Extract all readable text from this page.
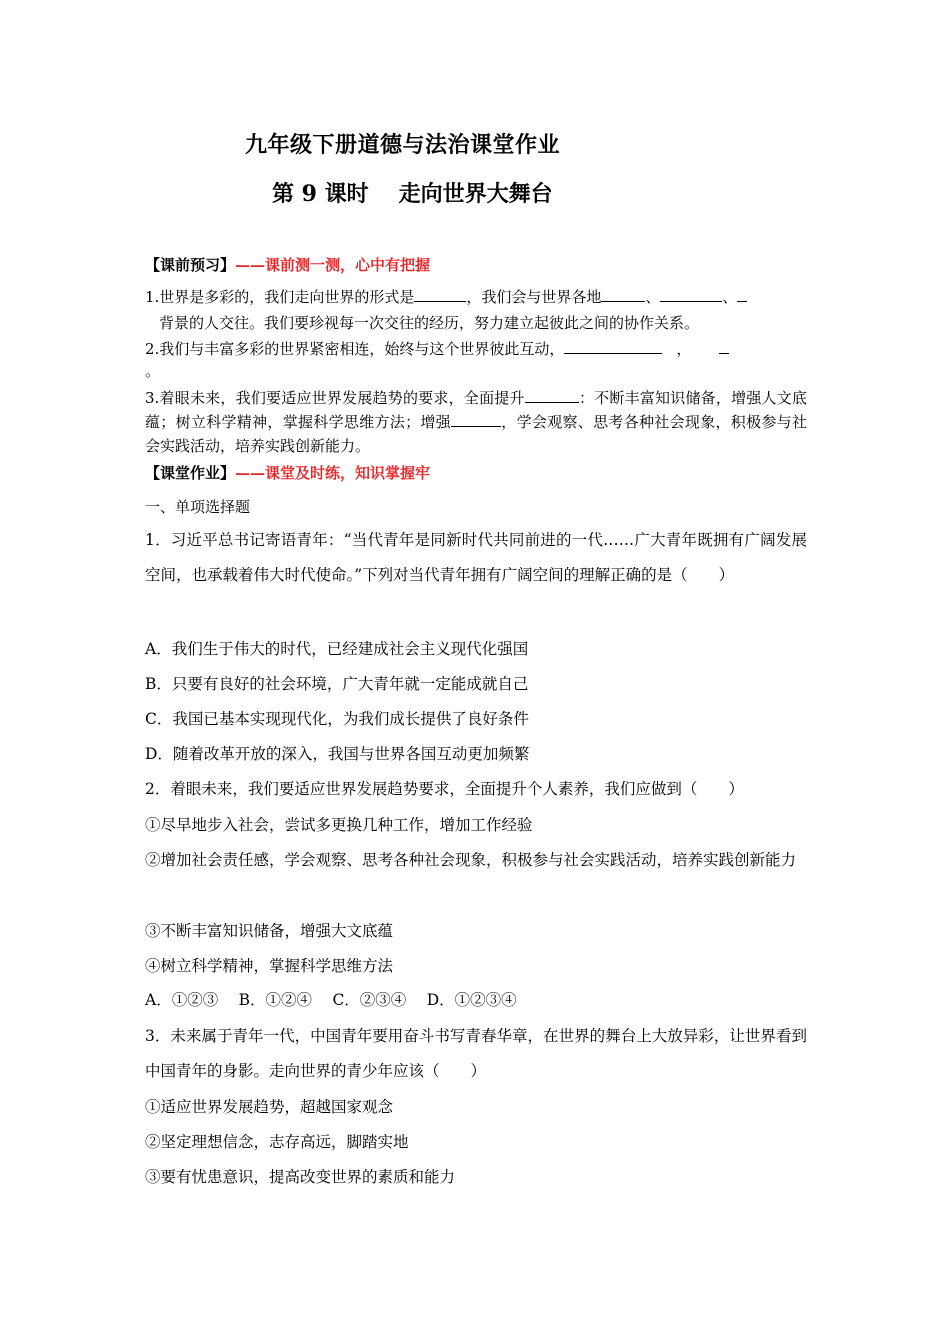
九年级下册道德与法治课堂作业
第 9 课时 走向世界大舞台
【课前预习】——课前测一测，心中有把握
1.世界是多彩的，我们走向世界的形式是	，我们会与世界各地	、	、
背景的人交往。我们要珍视每一次交往的经历，努力建立起彼此之间的协作关系。
2.我们与丰富多彩的世界紧密相连，始终与这个世界彼此互动，	，
。
3.着眼未来，我们要适应世界发展趋势的要求，全面提升	：不断丰富知识储备，增强人文底蕴；树立科学精神，掌握科学思维方法；增强	，学会观察、思考各种社会现象，积极参与社会实践活动，培养实践创新能力。
【课堂作业】——课堂及时练，知识掌握牢
一、单项选择题
1．习近平总书记寄语青年：“当代青年是同新时代共同前进的一代……广大青年既拥有广阔发展空间，也承载着伟大时代使命。”下列对当代青年拥有广阔空间的理解正确的是（　　）
A．我们生于伟大的时代，已经建成社会主义现代化强国
B．只要有良好的社会环境，广大青年就一定能成就自己
C．我国已基本实现现代化，为我们成长提供了良好条件
D．随着改革开放的深入，我国与世界各国互动更加频繁
2．着眼未来，我们要适应世界发展趋势要求，全面提升个人素养，我们应做到（　　）
①尽早地步入社会，尝试多更换几种工作，增加工作经验
②增加社会责任感，学会观察、思考各种社会现象，积极参与社会实践活动，培养实践创新能力
③不断丰富知识储备，增强大文底蕴
④树立科学精神，掌握科学思维方法
A．①②③　 B．①②④　 C．②③④　 D．①②③④
3．未来属于青年一代，中国青年要用奋斗书写青春华章，在世界的舞台上大放异彩，让世界看到中国青年的身影。走向世界的青少年应该（　　）
①适应世界发展趋势，超越国家观念
②坚定理想信念，志存高远，脚踏实地
③要有忧患意识，提高改变世界的素质和能力
